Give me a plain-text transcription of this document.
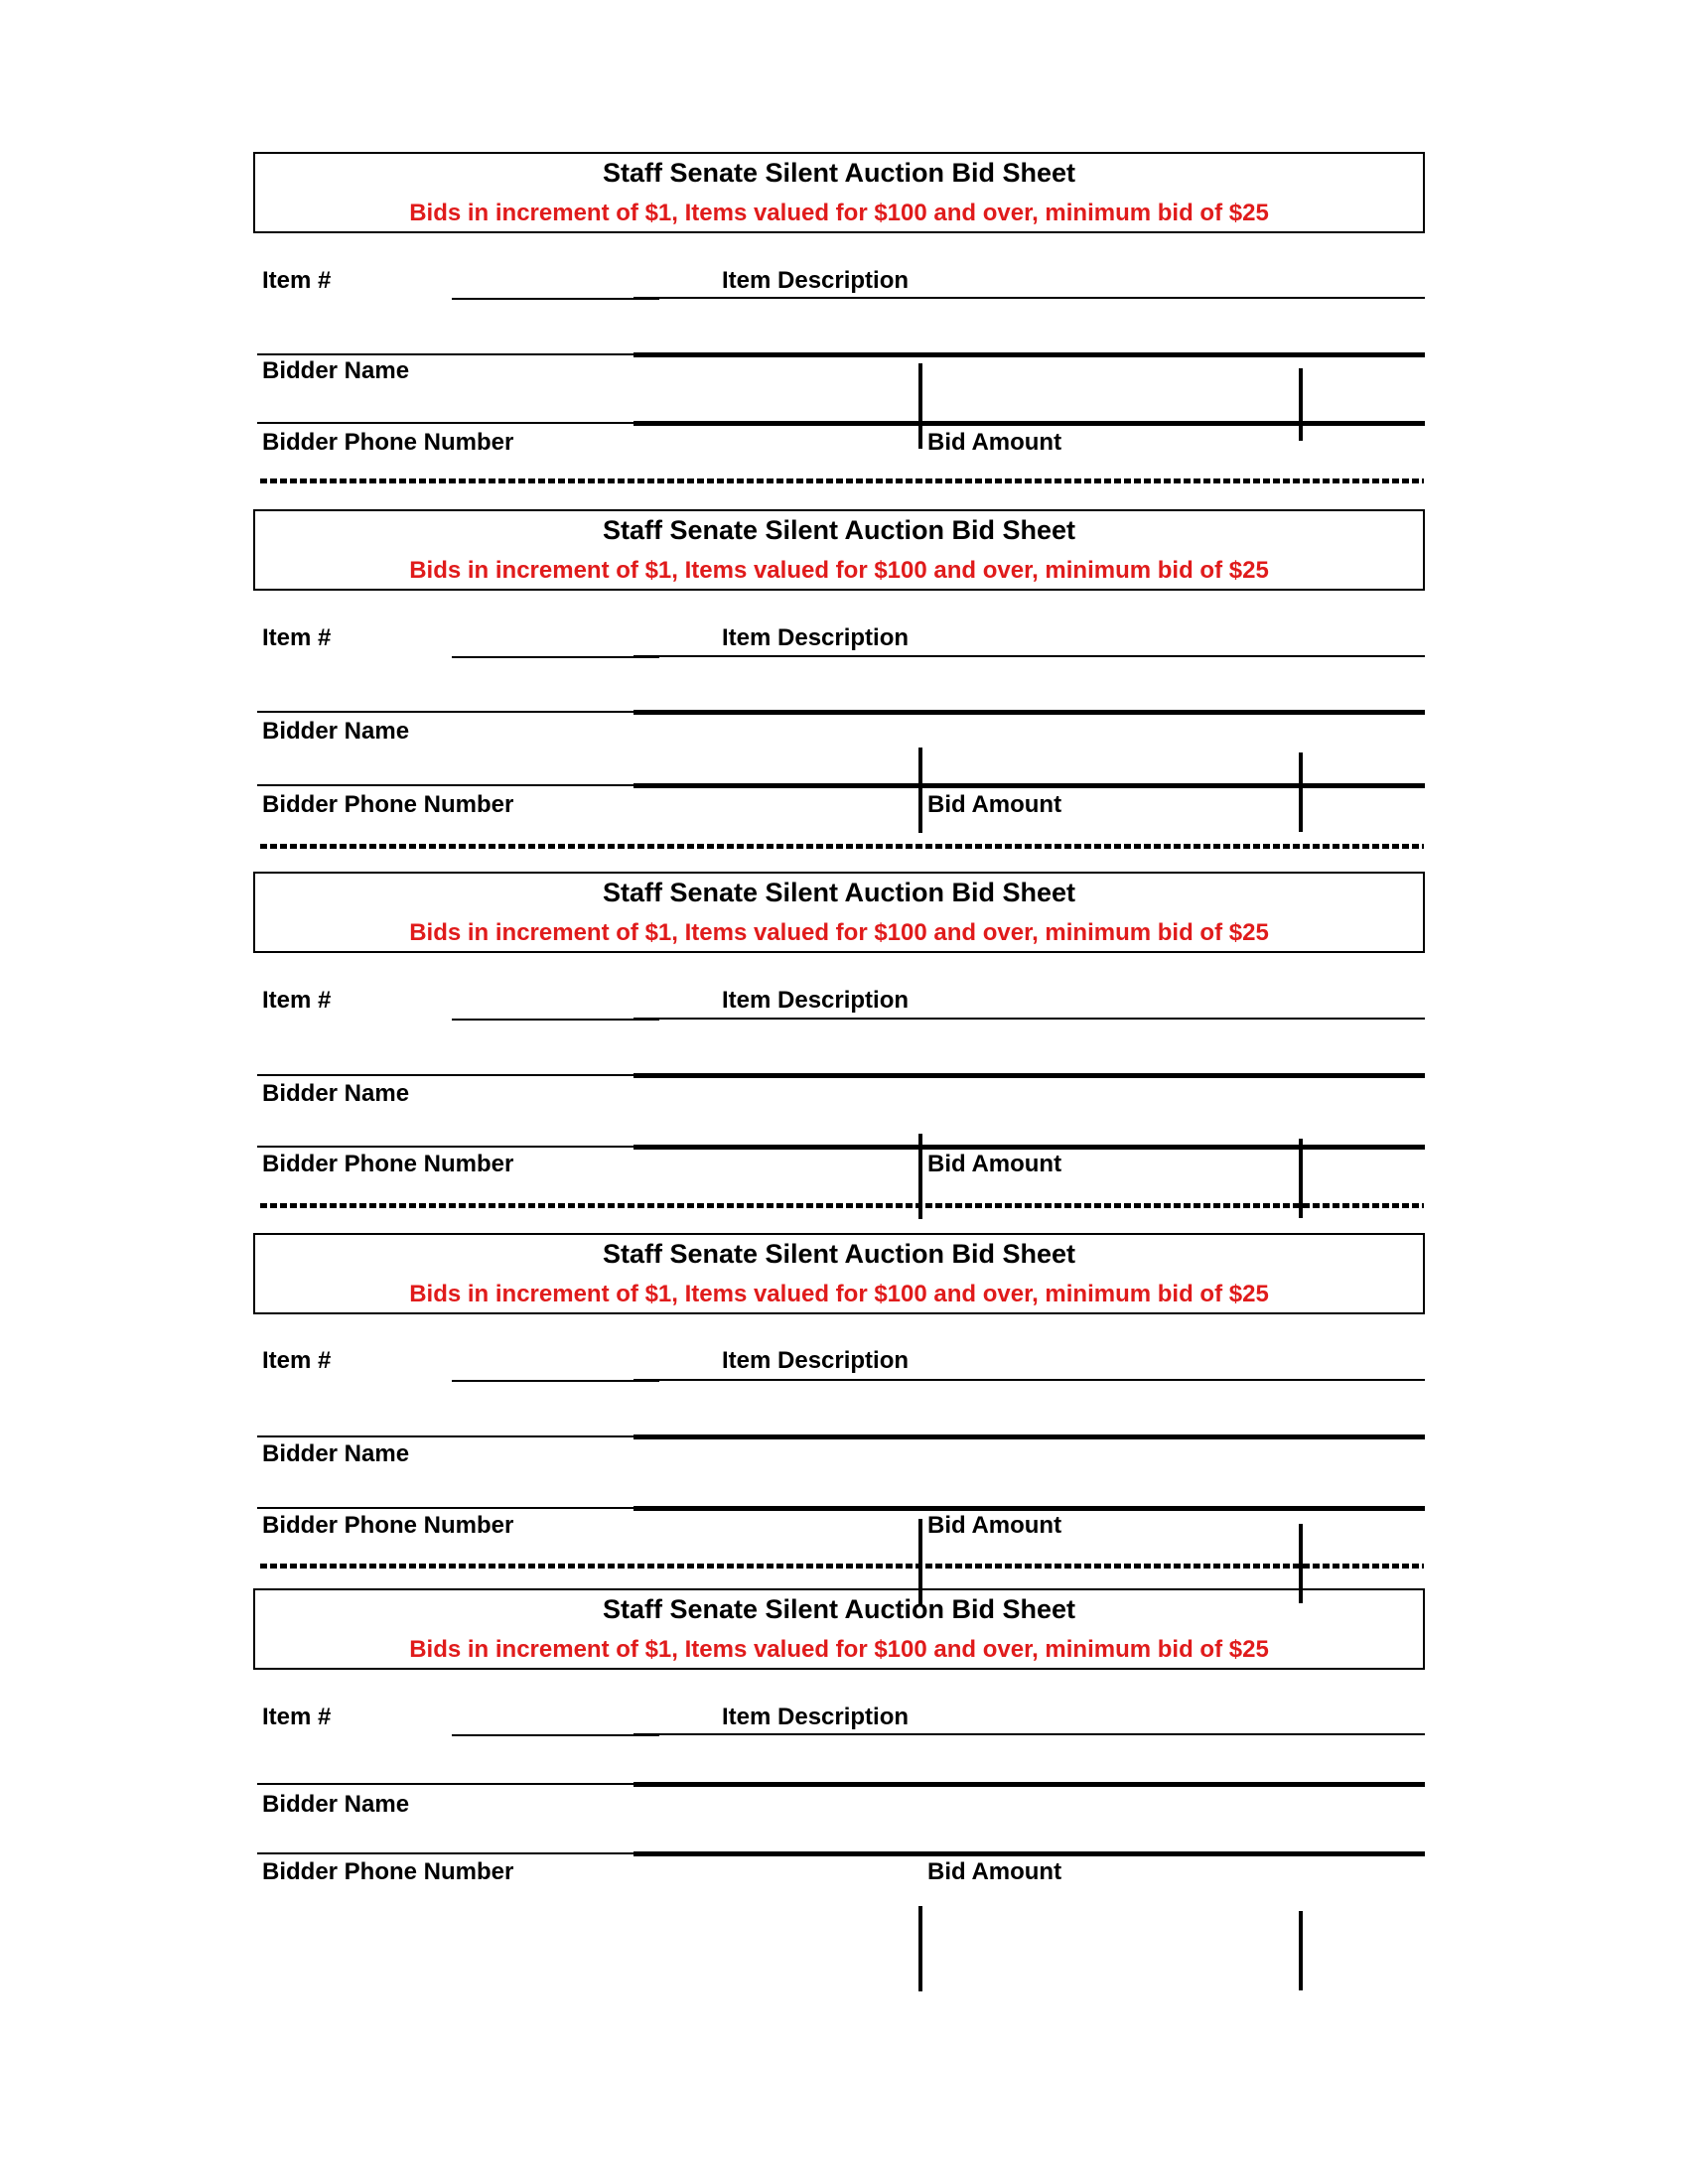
Staff Senate Silent Auction Bid Sheet
Bids in increment of $1, Items valued for $100 and over, minimum bid of $25
Item #	Item Description
Bidder Name
Bidder Phone Number	Bid Amount
Staff Senate Silent Auction Bid Sheet
Bids in increment of $1, Items valued for $100 and over, minimum bid of $25
Item #	Item Description
Bidder Name
Bidder Phone Number	Bid Amount
Staff Senate Silent Auction Bid Sheet
Bids in increment of $1, Items valued for $100 and over, minimum bid of $25
Item #	Item Description
Bidder Name
Bidder Phone Number	Bid Amount
Staff Senate Silent Auction Bid Sheet
Bids in increment of $1, Items valued for $100 and over, minimum bid of $25
Item #	Item Description
Bidder Name
Bidder Phone Number	Bid Amount
Staff Senate Silent Auction Bid Sheet
Bids in increment of $1, Items valued for $100 and over, minimum bid of $25
Item #	Item Description
Bidder Name
Bidder Phone Number	Bid Amount
